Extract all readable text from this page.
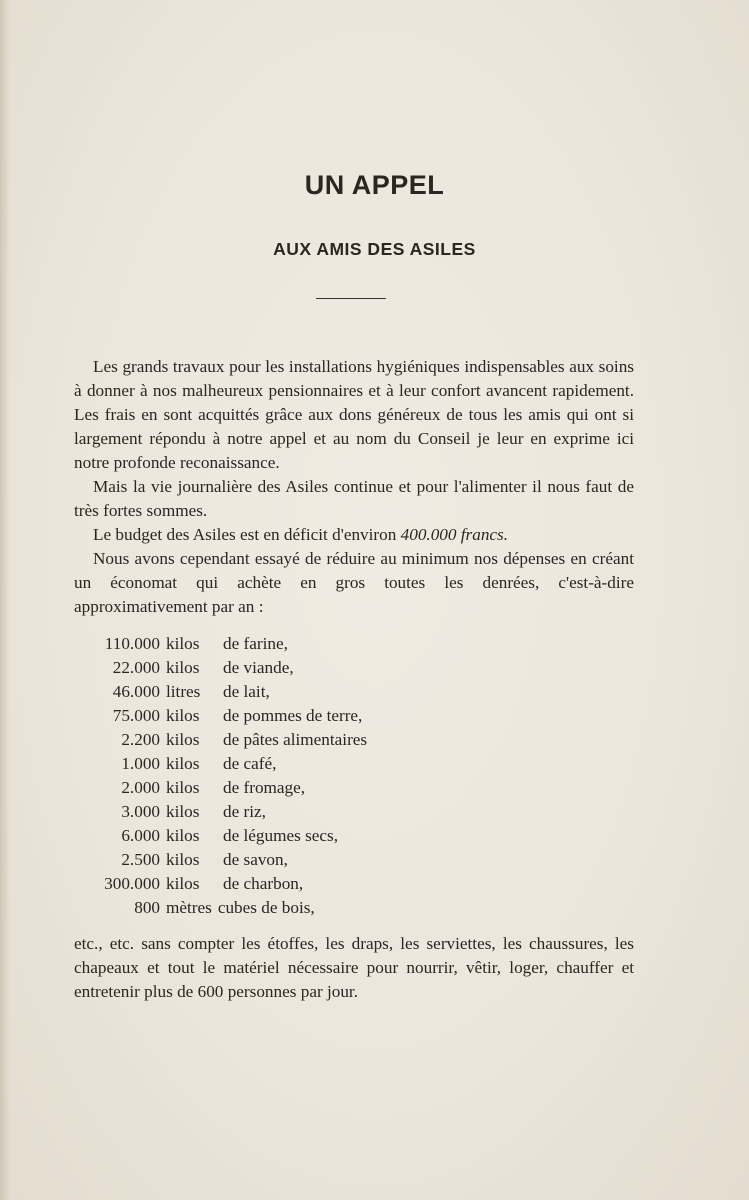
UN APPEL
AUX AMIS DES ASILES

Les grands travaux pour les installations hygiéniques indispensables aux soins à donner à nos malheureux pensionnaires et à leur confort avancent rapidement. Les frais en sont acquittés grâce aux dons généreux de tous les amis qui ont si largement répondu à notre appel et au nom du Conseil je leur en exprime ici notre profonde reconaissance.

Mais la vie journalière des Asiles continue et pour l'alimenter il nous faut de très fortes sommes.

Le budget des Asiles est en déficit d'environ 400.000 francs.

Nous avons cependant essayé de réduire au minimum nos dépenses en créant un économat qui achète en gros toutes les denrées, c'est-à-dire approximativement par an :

110.000 kilos	de farine,
22.000 kilos	de viande,
46.000 litres	de lait,
75.000 kilos	de pommes de terre,
2.200 kilos	de pâtes alimentaires
1.000 kilos	de café,
2.000 kilos	de fromage,
3.000 kilos	de riz,
6.000 kilos	de légumes secs,
2.500 kilos	de savon,
300.000 kilos	de charbon,
800 mètres cubes de bois,

etc., etc. sans compter les étoffes, les draps, les serviettes, les chaussures, les chapeaux et tout le matériel nécessaire pour nourrir, vêtir, loger, chauffer et entretenir plus de 600 personnes par jour.
